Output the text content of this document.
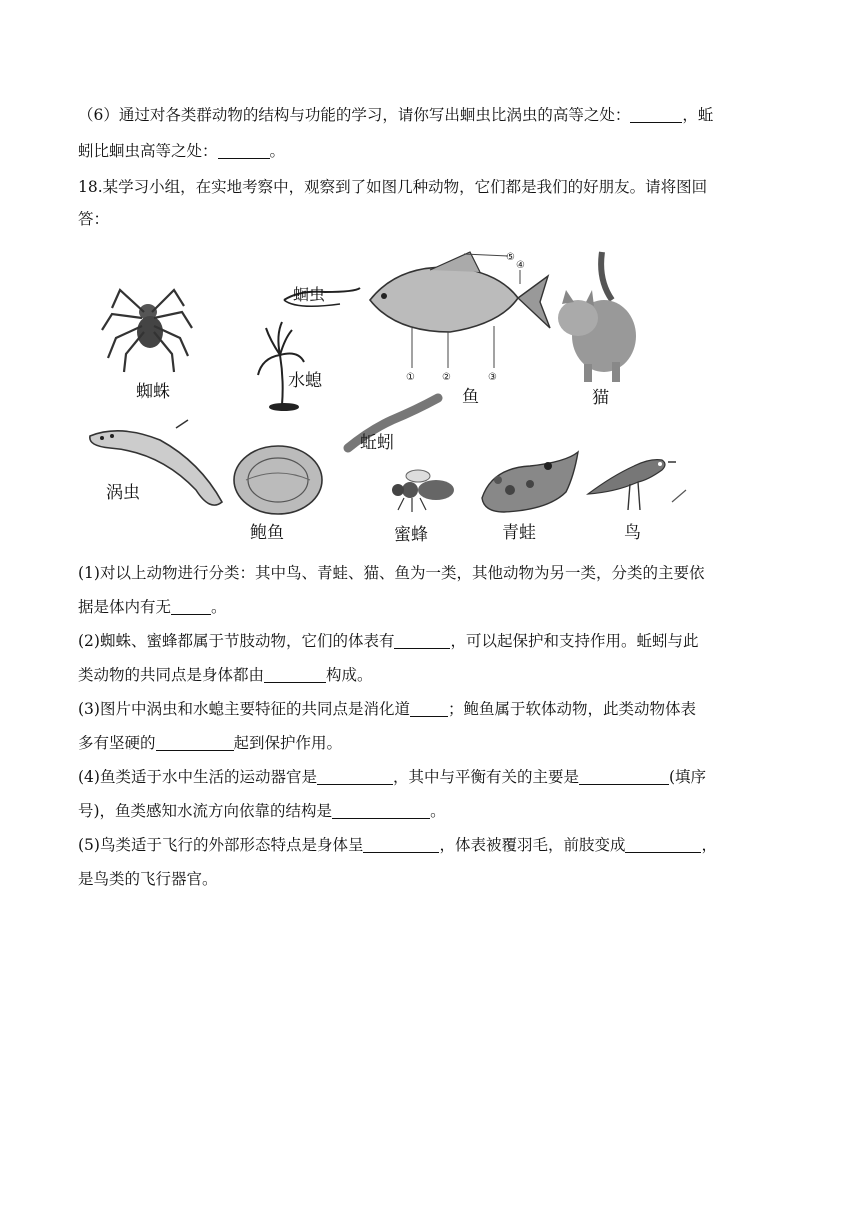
（6）通过对各类群动物的结构与功能的学习，请你写出蛔虫比涡虫的高等之处：	，蚯
蚓比蛔虫高等之处：	。
18.某学习小组，在实地考察中，观察到了如图几种动物，它们都是我们的好朋友。请将图回
答：
蜘蛛
蛔虫
水螅	①	②	③
④
⑤
鱼	猫
涡虫
鲍鱼
蚯蚓
蜜蜂	青蛙	鸟
(1)对以上动物进行分类：其中鸟、青蛙、猫、鱼为一类，其他动物为另一类，分类的主要依
据是体内有无	。
(2)蜘蛛、蜜蜂都属于节肢动物，它们的体表有	，可以起保护和支持作用。蚯蚓与此
类动物的共同点是身体都由	构成。
(3)图片中涡虫和水螅主要特征的共同点是消化道 ；鲍鱼属于软体动物，此类动物体表
多有坚硬的	起到保护作用。
(4)鱼类适于水中生活的运动器官是	，其中与平衡有关的主要是	(填序
号)，鱼类感知水流方向依靠的结构是	。
(5)鸟类适于飞行的外部形态特点是身体呈	，体表被覆羽毛，前肢变成	，
是鸟类的飞行器官。
